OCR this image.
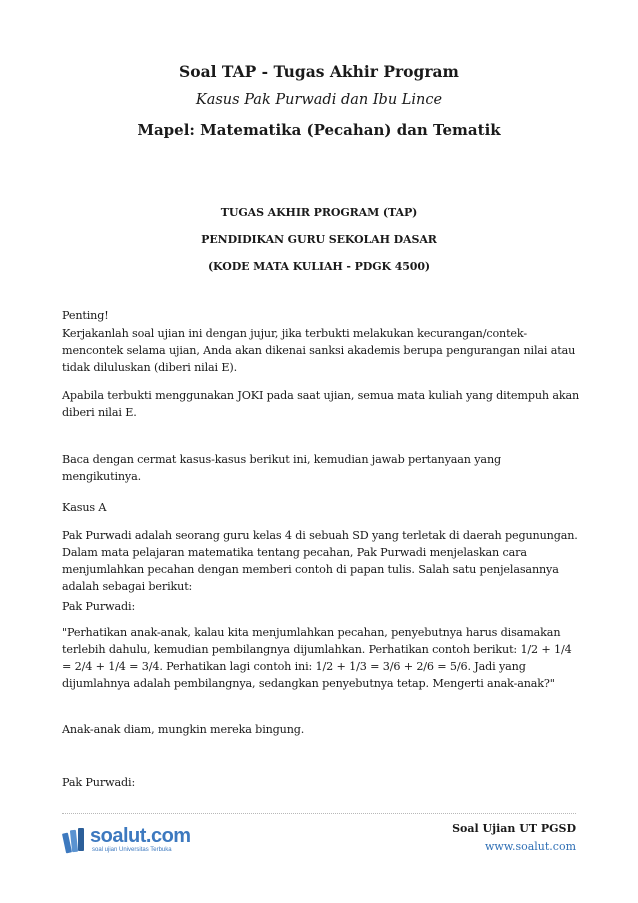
Soal TAP - Tugas Akhir Program
Kasus Pak Purwadi dan Ibu Lince
Mapel: Matematika (Pecahan) dan Tematik
TUGAS AKHIR PROGRAM (TAP)
PENDIDIKAN GURU SEKOLAH DASAR
(KODE MATA KULIAH - PDGK 4500)
Penting!
Kerjakanlah soal ujian ini dengan jujur, jika terbukti melakukan kecurangan/contek-mencontek selama ujian, Anda akan dikenai sanksi akademis berupa pengurangan nilai atau tidak diluluskan (diberi nilai E).
Apabila terbukti menggunakan JOKI pada saat ujian, semua mata kuliah yang ditempuh akan diberi nilai E.
Baca dengan cermat kasus-kasus berikut ini, kemudian jawab pertanyaan yang mengikutinya.
Kasus A
Pak Purwadi adalah seorang guru kelas 4 di sebuah SD yang terletak di daerah pegunungan. Dalam mata pelajaran matematika tentang pecahan, Pak Purwadi menjelaskan cara menjumlahkan pecahan dengan memberi contoh di papan tulis. Salah satu penjelasannya adalah sebagai berikut:
Pak Purwadi:
"Perhatikan anak-anak, kalau kita menjumlahkan pecahan, penyebutnya harus disamakan terlebih dahulu, kemudian pembilangnya dijumlahkan. Perhatikan contoh berikut: 1/2 + 1/4 = 2/4 + 1/4 = 3/4. Perhatikan lagi contoh ini: 1/2 + 1/3 = 3/6 + 2/6 = 5/6. Jadi yang dijumlahnya adalah pembilangnya, sedangkan penyebutnya tetap. Mengerti anak-anak?"
Anak-anak diam, mungkin mereka bingung.
Pak Purwadi:
soalut.com
soal ujian Universitas Terbuka
Soal Ujian UT PGSD
www.soalut.com
